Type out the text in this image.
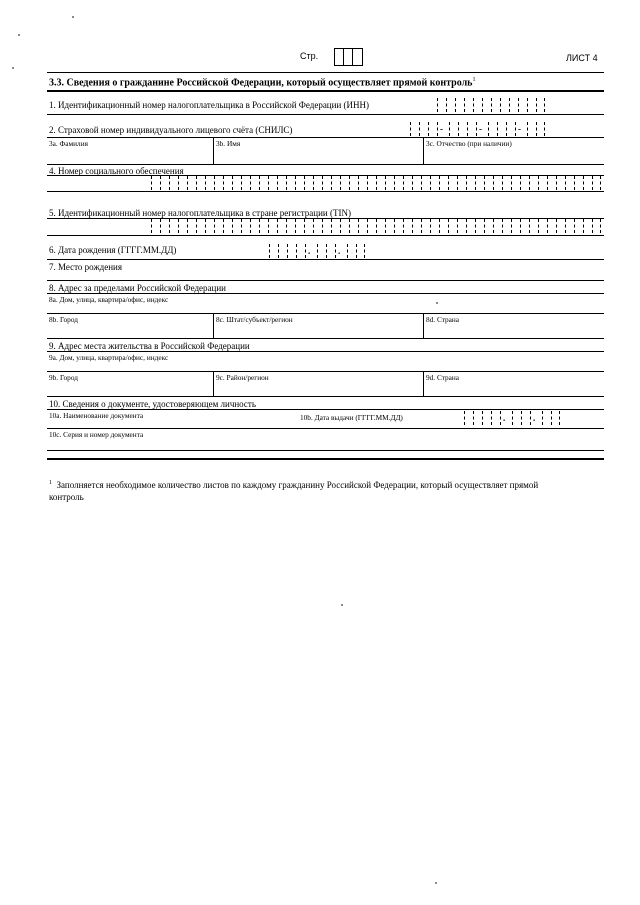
Стр.	ЛИСТ 4
3.3. Сведения о гражданине Российской Федерации, который осуществляет прямой контроль$^1$
1. Идентификационный номер налогоплательщика в Российской Федерации (ИНН)
2. Страховой номер индивидуального лицевого счёта (СНИЛС)	-	-	-
3а. Фамилия	3b. Имя	3с. Отчество (при наличии)
4. Номер социального обеспечения
5. Идентификационный номер налогоплательщика в стране регистрации (TIN)
6. Дата рождения (ГГГГ.ММ.ДД)	.	.
7. Место рождения
8. Адрес за пределами Российской Федерации
8а. Дом, улица, квартира/офис, индекс
8b. Город	8с. Штат/субъект/регион	8d. Страна
9. Адрес места жительства в Российской Федерации
9а. Дом, улица, квартира/офис, индекс
9b. Город	9с. Район/регион	9d. Страна
10. Сведения о документе, удостоверяющем личность
10а. Наименование документа	10b. Дата выдачи (ГГГГ.ММ.ДД)	.	.
10с. Серия и номер документа
$^1$ Заполняется необходимое количество листов по каждому гражданину Российской Федерации, который осуществляет прямой
контроль
